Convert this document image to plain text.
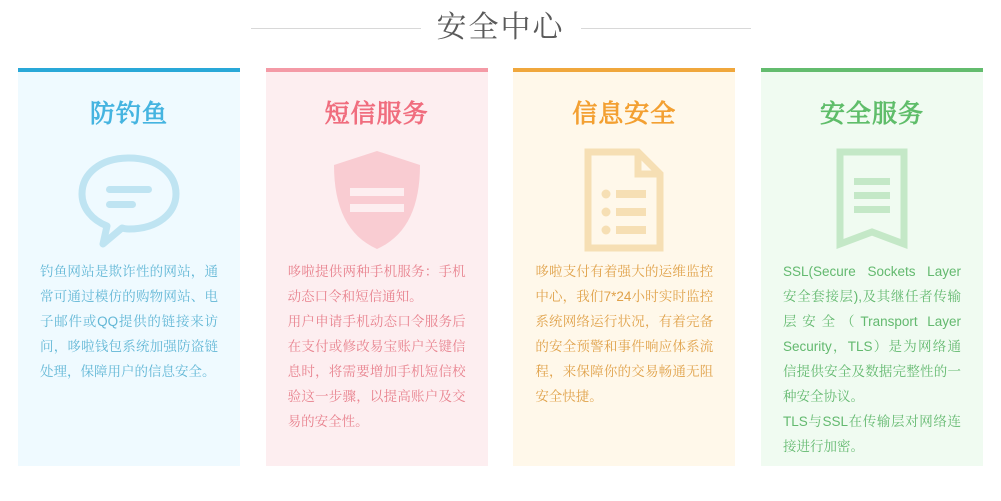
安全中心
防钓鱼

钓鱼网站是欺诈性的网站，通常可通过模仿的购物网站、电子邮件或QQ提供的链接来访问，哆啦钱包系统加强防盗链处理，保障用户的信息安全。

短信服务

哆啦提供两种手机服务：手机动态口令和短信通知。

用户申请手机动态口令服务后在支付或修改易宝账户关键信息时，将需要增加手机短信校验这一步骤，以提高账户及交易的安全性。

信息安全

哆啦支付有着强大的运维监控中心，我们7*24小时实时监控系统网络运行状况，有着完备的安全预警和事件响应体系流程，来保障你的交易畅通无阻安全快捷。

安全服务

SSL(Secure Sockets Layer 安全套接层),及其继任者传输层安全（Transport Layer Security，TLS）是为网络通信提供安全及数据完整性的一种安全协议。

TLS与SSL在传输层对网络连接进行加密。
